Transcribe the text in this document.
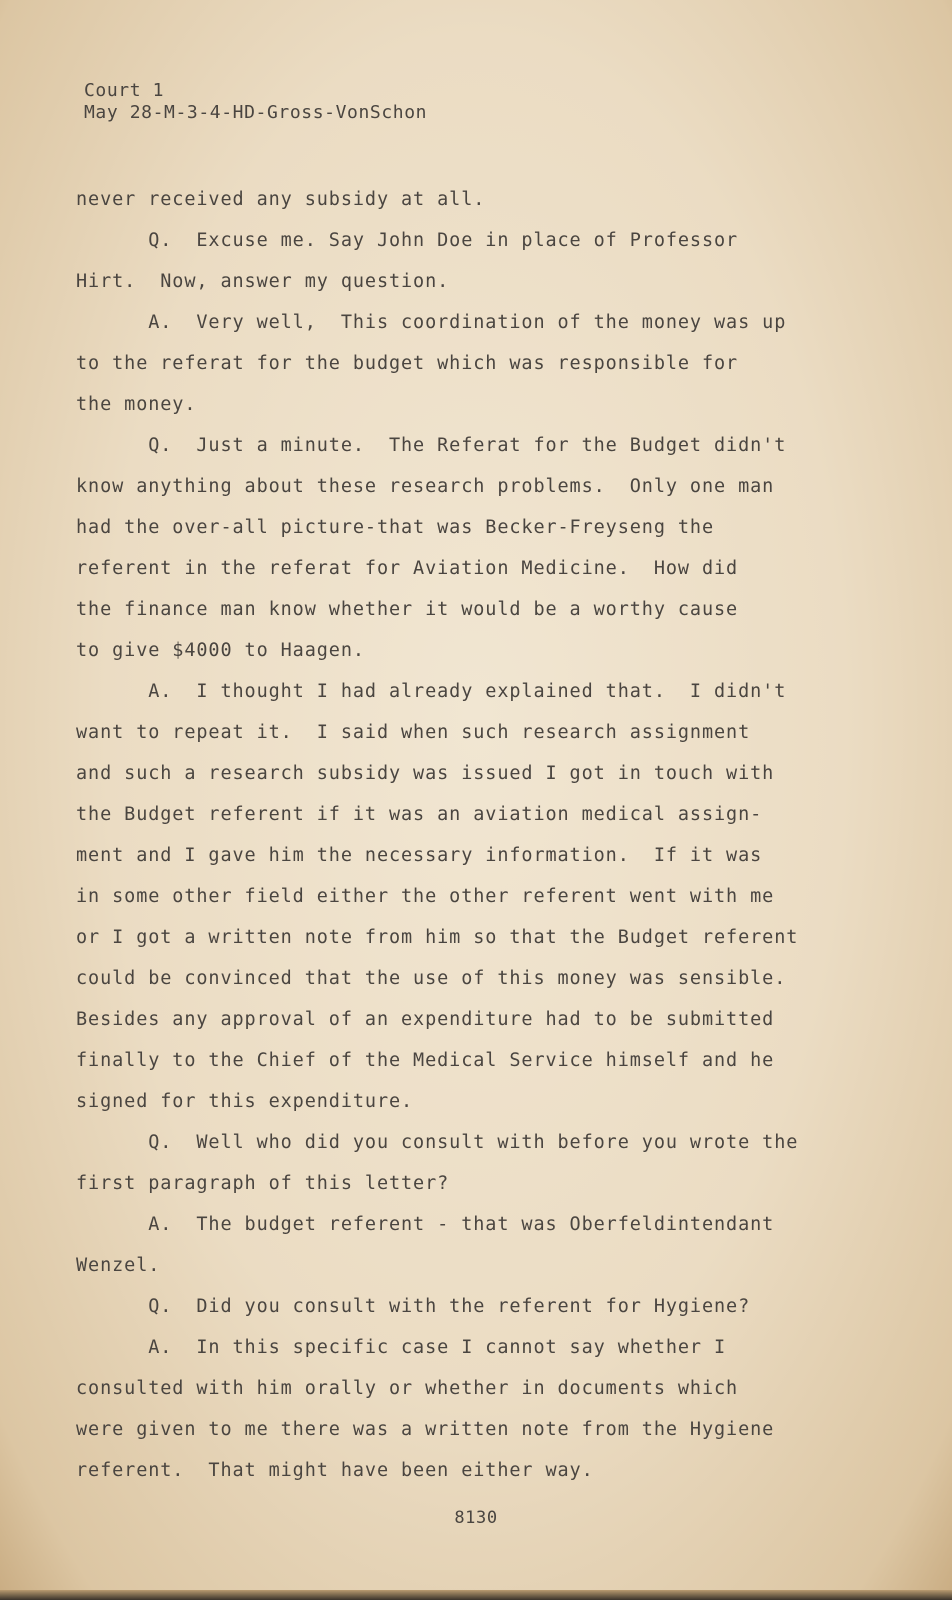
Court 1
May 28-M-3-4-HD-Gross-VonSchon
never received any subsidy at all.
Q.  Excuse me. Say John Doe in place of Professor
Hirt.  Now, answer my question.
A.  Very well,  This coordination of the money was up
to the referat for the budget which was responsible for
the money.
Q.  Just a minute.  The Referat for the Budget didn't
know anything about these research problems.  Only one man
had the over-all picture-that was Becker-Freyseng the
referent in the referat for Aviation Medicine.  How did
the finance man know whether it would be a worthy cause
to give $4000 to Haagen.
A.  I thought I had already explained that.  I didn't
want to repeat it.  I said when such research assignment
and such a research subsidy was issued I got in touch with
the Budget referent if it was an aviation medical assign-
ment and I gave him the necessary information.  If it was
in some other field either the other referent went with me
or I got a written note from him so that the Budget referent
could be convinced that the use of this money was sensible.
Besides any approval of an expenditure had to be submitted
finally to the Chief of the Medical Service himself and he
signed for this expenditure.
Q.  Well who did you consult with before you wrote the
first paragraph of this letter?
A.  The budget referent - that was Oberfeldintendant
Wenzel.
Q.  Did you consult with the referent for Hygiene?
A.  In this specific case I cannot say whether I
consulted with him orally or whether in documents which
were given to me there was a written note from the Hygiene
referent.  That might have been either way.
8130
